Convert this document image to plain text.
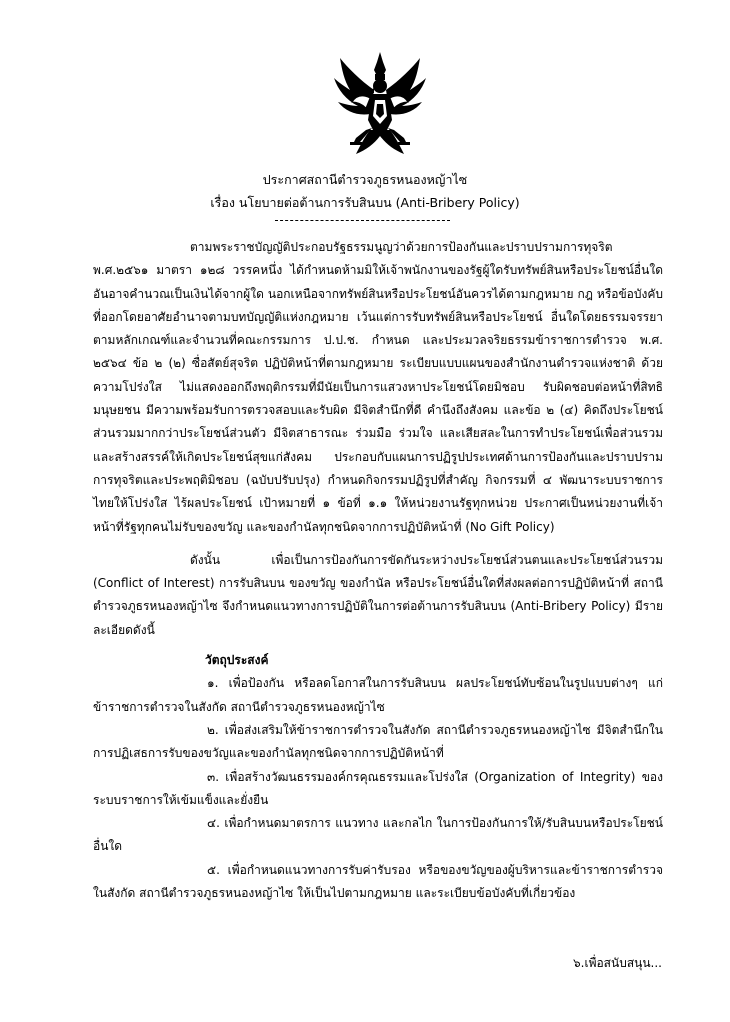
ประกาศสถานีตำรวจภูธรหนองหญ้าไซ
เรื่อง นโยบายต่อต้านการรับสินบน (Anti-Bribery Policy)

ตามพระราชบัญญัติประกอบรัฐธรรมนูญว่าด้วยการป้องกันและปราบปรามการทุจริต พ.ศ.๒๕๖๑ มาตรา ๑๒๘ วรรคหนึ่ง ได้กำหนดห้ามมิให้เจ้าพนักงานของรัฐผู้ใดรับทรัพย์สินหรือประโยชน์อื่นใด อันอาจคำนวณเป็นเงินได้จากผู้ใด นอกเหนือจากทรัพย์สินหรือประโยชน์อันควรได้ตามกฎหมาย กฎ หรือข้อบังคับที่ออกโดยอาศัยอำนาจตามบทบัญญัติแห่งกฎหมาย เว้นแต่การรับทรัพย์สินหรือประโยชน์ อื่นใดโดยธรรมจรรยา ตามหลักเกณฑ์และจำนวนที่คณะกรรมการ ป.ป.ช. กำหนด และประมวลจริยธรรมข้าราชการตำรวจ พ.ศ. ๒๕๖๔ ข้อ ๒ (๒) ซื่อสัตย์สุจริต ปฏิบัติหน้าที่ตามกฎหมาย ระเบียบแบบแผนของสำนักงานตำรวจแห่งชาติ ด้วยความโปร่งใส ไม่แสดงออกถึงพฤติกรรมที่มีนัยเป็นการแสวงหาประโยชน์โดยมิชอบ รับผิดชอบต่อหน้าที่สิทธิมนุษยชน มีความพร้อมรับการตรวจสอบและรับผิด มีจิตสำนึกที่ดี คำนึงถึงสังคม และข้อ ๒ (๔) คิดถึงประโยชน์ส่วนรวมมากกว่าประโยชน์ส่วนตัว มีจิตสาธารณะ ร่วมมือ ร่วมใจ และเสียสละในการทำประโยชน์เพื่อส่วนรวม และสร้างสรรค์ให้เกิดประโยชน์สุขแก่สังคม ประกอบกับแผนการปฏิรูปประเทศด้านการป้องกันและปราบปรามการทุจริตและประพฤติมิชอบ (ฉบับปรับปรุง) กำหนดกิจกรรมปฏิรูปที่สำคัญ กิจกรรมที่ ๔ พัฒนาระบบราชการไทยให้โปร่งใส ไร้ผลประโยชน์ เป้าหมายที่ ๑ ข้อที่ ๑.๑ ให้หน่วยงานรัฐทุกหน่วย ประกาศเป็นหน่วยงานที่เจ้าหน้าที่รัฐทุกคนไม่รับของขวัญ และของกำนัลทุกชนิดจากการปฏิบัติหน้าที่ (No Gift Policy)

ดังนั้น เพื่อเป็นการป้องกันการขัดกันระหว่างประโยชน์ส่วนตนและประโยชน์ส่วนรวม (Conflict of Interest) การรับสินบน ของขวัญ ของกำนัล หรือประโยชน์อื่นใดที่ส่งผลต่อการปฏิบัติหน้าที่ สถานีตำรวจภูธรหนองหญ้าไซ จึงกำหนดแนวทางการปฏิบัติในการต่อต้านการรับสินบน (Anti-Bribery Policy) มีรายละเอียดดังนี้

วัตถุประสงค์

๑. เพื่อป้องกัน หรือลดโอกาสในการรับสินบน ผลประโยชน์ทับซ้อนในรูปแบบต่างๆ แก่ข้าราชการตำรวจในสังกัด สถานีตำรวจภูธรหนองหญ้าไซ

๒. เพื่อส่งเสริมให้ข้าราชการตำรวจในสังกัด สถานีตำรวจภูธรหนองหญ้าไซ มีจิตสำนึกในการปฏิเสธการรับของขวัญและของกำนัลทุกชนิดจากการปฏิบัติหน้าที่

๓. เพื่อสร้างวัฒนธรรมองค์กรคุณธรรมและโปร่งใส (Organization of Integrity) ของระบบราชการให้เข้มแข็งและยั่งยืน

๔. เพื่อกำหนดมาตรการ แนวทาง และกลไก ในการป้องกันการให้/รับสินบนหรือประโยชน์อื่นใด

๕. เพื่อกำหนดแนวทางการรับค่ารับรอง หรือของขวัญของผู้บริหารและข้าราชการตำรวจในสังกัด สถานีตำรวจภูธรหนองหญ้าไซ ให้เป็นไปตามกฎหมาย และระเบียบข้อบังคับที่เกี่ยวข้อง

๖.เพื่อสนับสนุน...
